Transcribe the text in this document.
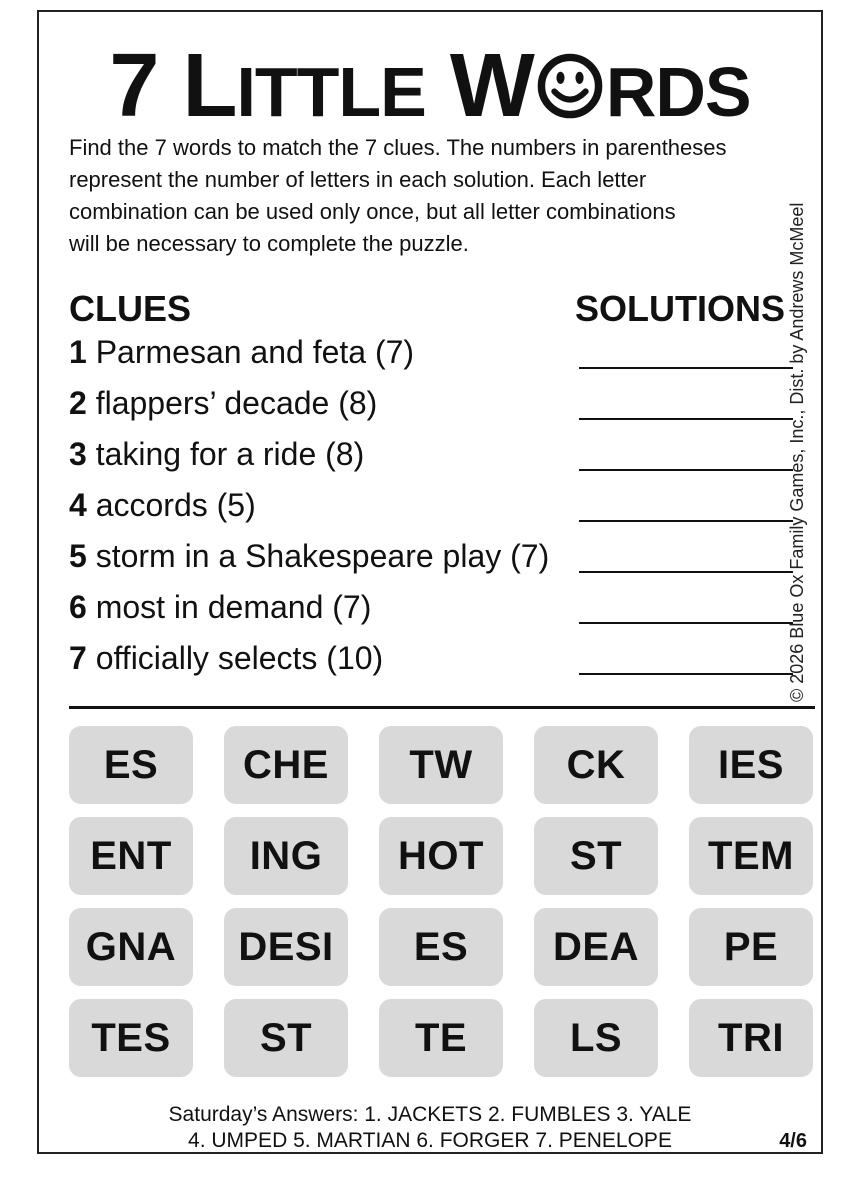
7 LITTLE W RDS
Find the 7 words to match the 7 clues. The numbers in parentheses
represent the number of letters in each solution. Each letter
combination can be used only once, but all letter combinations
will be necessary to complete the puzzle.	© 2026 Blue Ox Family Games, Inc., Dist. by Andrews McMeel
CLUES	SOLUTIONS
1 Parmesan and feta (7)
2 flappers’ decade (8)
3 taking for a ride (8)
4 accords (5)
5 storm in a Shakespeare play (7)
6 most in demand (7)
7 officially selects (10)
ES	CHE	TW	CK	IES
ENT	ING	HOT	ST	TEM
GNA	DESI	ES	DEA	PE
TES	ST	TE	LS	TRI
Saturday’s Answers: 1. JACKETS 2. FUMBLES 3. YALE
4. UMPED 5. MARTIAN 6. FORGER 7. PENELOPE	4/6
